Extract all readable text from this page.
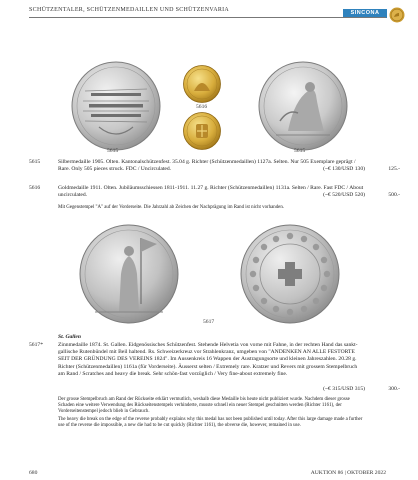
SCHÜTZENTALER, SCHÜTZENMEDAILLEN UND SCHÜTZENVARIA	SINCONA
5615
5616
5615
5615	Silbermedaille 1905. Olten. Kantonalschützenfest. 35.04 g. Richter (Schützenmedaillen) 1127a. Selten. Nur 505 Exemplare geprägt / Rare. Only 505 pieces struck. FDC / Uncirculated.	(~€ 130/USD 130)	125.-
5616	Goldmedaille 1911. Olten. Jubiläumsschiessen 1811-1911. 11.27 g. Richter (Schützenmedaillen) 1131a. Selten / Rare. Fast FDC / About uncirculated.	(~€ 520/USD 520)	500.-
Mit Gegenstempel "A" auf der Vorderseite. Die Jahrzahl ab Zeichen der Nachprägung im Rand ist nicht vorhanden.
5617
St. Gallen
5617*	Zinnmedaille 1874. St. Gallen. Eidgenössisches Schützenfest. Stehende Helvetia von vorne mit Fahne, in der rechten Hand das sankt-gallische Rutenbündel mit Beil haltend. Rs. Schweizerkreuz vor Strahlenkranz, umgeben von "ANDENKEN AN ALLE FESTORTE SEIT DER GRÜNDUNG DES VEREINS 1824". Im Aussenkreis 16 Wappen der Austragungsorte und kleinen Jahreszahlen. 20.28 g. Richter (Schützenmedaillen) 1161a (für Vorderseite). Äusserst selten / Extremely rare. Kratzer und Revers mit grossem Stempelbruch am Rand / Scratches and heavy die break. Sehr schön-fast vorzüglich / Very fine-about extremely fine.
(~€ 315/USD 315)	300.-
Der grosse Stempelbruch am Rand der Rückseite erklärt vermutlich, weshalb diese Medaille bis heute nicht publiziert wurde. Nachdem dieser grosse Schaden eine weitere Verwendung des Rückseitenstempels verhinderte, musste schnell ein neuer Stempel geschnitten werden (Richter 1161), der Vorderseitenstempel jedoch blieb in Gebrauch.
The heavy die break on the edge of the reverse probably explains why this medal has not been published until today. After this large damage made a further use of the reverse die impossible, a new die had to be cut quickly (Richter 1161), the obverse die, however, remained in use.
680	AUKTION 86 | OKTOBER 2022
